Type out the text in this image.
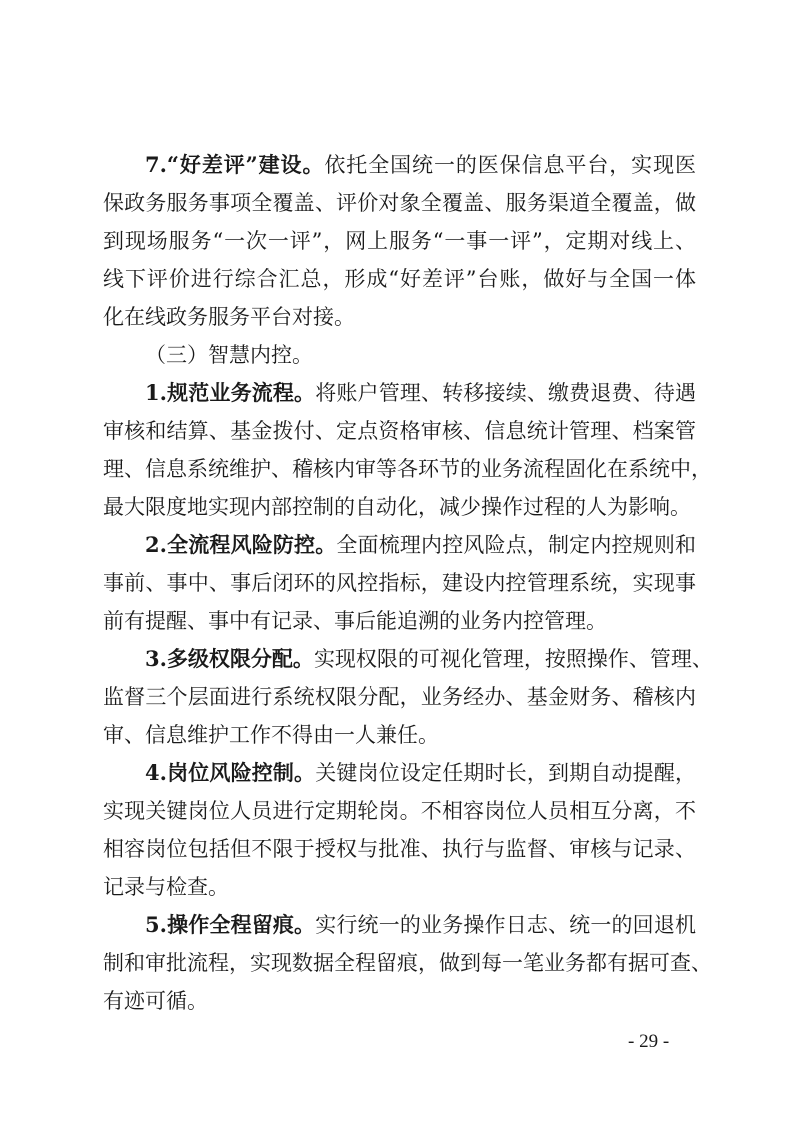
7.“好差评”建设。依托全国统一的医保信息平台，实现医
保政务服务事项全覆盖、评价对象全覆盖、服务渠道全覆盖，做
到现场服务“一次一评”，网上服务“一事一评”，定期对线上、
线下评价进行综合汇总，形成“好差评”台账，做好与全国一体
化在线政务服务平台对接。
（三）智慧内控。
1.规范业务流程。将账户管理、转移接续、缴费退费、待遇
审核和结算、基金拨付、定点资格审核、信息统计管理、档案管
理、信息系统维护、稽核内审等各环节的业务流程固化在系统中，
最大限度地实现内部控制的自动化，减少操作过程的人为影响。
2.全流程风险防控。全面梳理内控风险点，制定内控规则和
事前、事中、事后闭环的风控指标，建设内控管理系统，实现事
前有提醒、事中有记录、事后能追溯的业务内控管理。
3.多级权限分配。实现权限的可视化管理，按照操作、管理、
监督三个层面进行系统权限分配，业务经办、基金财务、稽核内
审、信息维护工作不得由一人兼任。
4.岗位风险控制。关键岗位设定任期时长，到期自动提醒，
实现关键岗位人员进行定期轮岗。不相容岗位人员相互分离，不
相容岗位包括但不限于授权与批准、执行与监督、审核与记录、
记录与检查。
5.操作全程留痕。实行统一的业务操作日志、统一的回退机
制和审批流程，实现数据全程留痕，做到每一笔业务都有据可查、
有迹可循。
- 29 -
